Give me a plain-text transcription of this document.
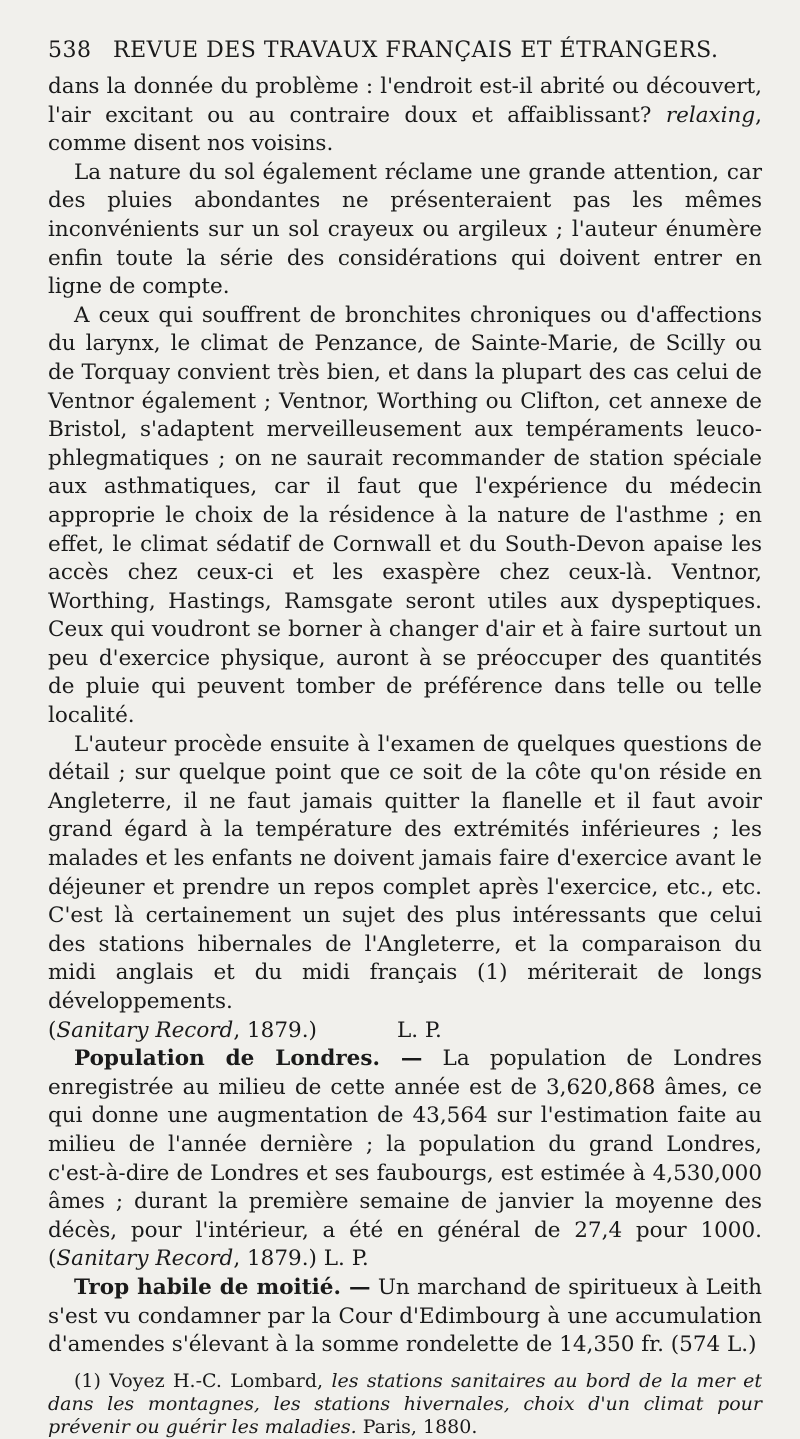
538 REVUE DES TRAVAUX FRANÇAIS ET ÉTRANGERS.

dans la donnée du problème : l'endroit est-il abrité ou découvert, l'air excitant ou au contraire doux et affaiblissant? relaxing, comme disent nos voisins.

La nature du sol également réclame une grande attention, car des pluies abondantes ne présenteraient pas les mêmes inconvénients sur un sol crayeux ou argileux ; l'auteur énumère enfin toute la série des considérations qui doivent entrer en ligne de compte.

A ceux qui souffrent de bronchites chroniques ou d'affections du larynx, le climat de Penzance, de Sainte-Marie, de Scilly ou de Torquay convient très bien, et dans la plupart des cas celui de Ventnor également ; Ventnor, Worthing ou Clifton, cet annexe de Bristol, s'adaptent merveilleusement aux tempéraments leuco-phlegmatiques ; on ne saurait recommander de station spéciale aux asthmatiques, car il faut que l'expérience du médecin approprie le choix de la résidence à la nature de l'asthme ; en effet, le climat sédatif de Cornwall et du South-Devon apaise les accès chez ceux-ci et les exaspère chez ceux-là. Ventnor, Worthing, Hastings, Ramsgate seront utiles aux dyspeptiques. Ceux qui voudront se borner à changer d'air et à faire surtout un peu d'exercice physique, auront à se préoccuper des quantités de pluie qui peuvent tomber de préférence dans telle ou telle localité.

L'auteur procède ensuite à l'examen de quelques questions de détail ; sur quelque point que ce soit de la côte qu'on réside en Angleterre, il ne faut jamais quitter la flanelle et il faut avoir grand égard à la température des extrémités inférieures ; les malades et les enfants ne doivent jamais faire d'exercice avant le déjeuner et prendre un repos complet après l'exercice, etc., etc. C'est là certainement un sujet des plus intéressants que celui des stations hibernales de l'Angleterre, et la comparaison du midi anglais et du midi français (1) mériterait de longs développements.
(Sanitary Record, 1879.)	L. P.

Population de Londres. — La population de Londres enregistrée au milieu de cette année est de 3,620,868 âmes, ce qui donne une augmentation de 43,564 sur l'estimation faite au milieu de l'année dernière ; la population du grand Londres, c'est-à-dire de Londres et ses faubourgs, est estimée à 4,530,000 âmes ; durant la première semaine de janvier la moyenne des décès, pour l'intérieur, a été en général de 27,4 pour 1000. (Sanitary Record, 1879.) L. P.

Trop habile de moitié. — Un marchand de spiritueux à Leith s'est vu condamner par la Cour d'Edimbourg à une accumulation d'amendes s'élevant à la somme rondelette de 14,350 fr. (574 L.)

(1) Voyez H.-C. Lombard, les stations sanitaires au bord de la mer et dans les montagnes, les stations hivernales, choix d'un climat pour prévenir ou guérir les maladies. Paris, 1880.
